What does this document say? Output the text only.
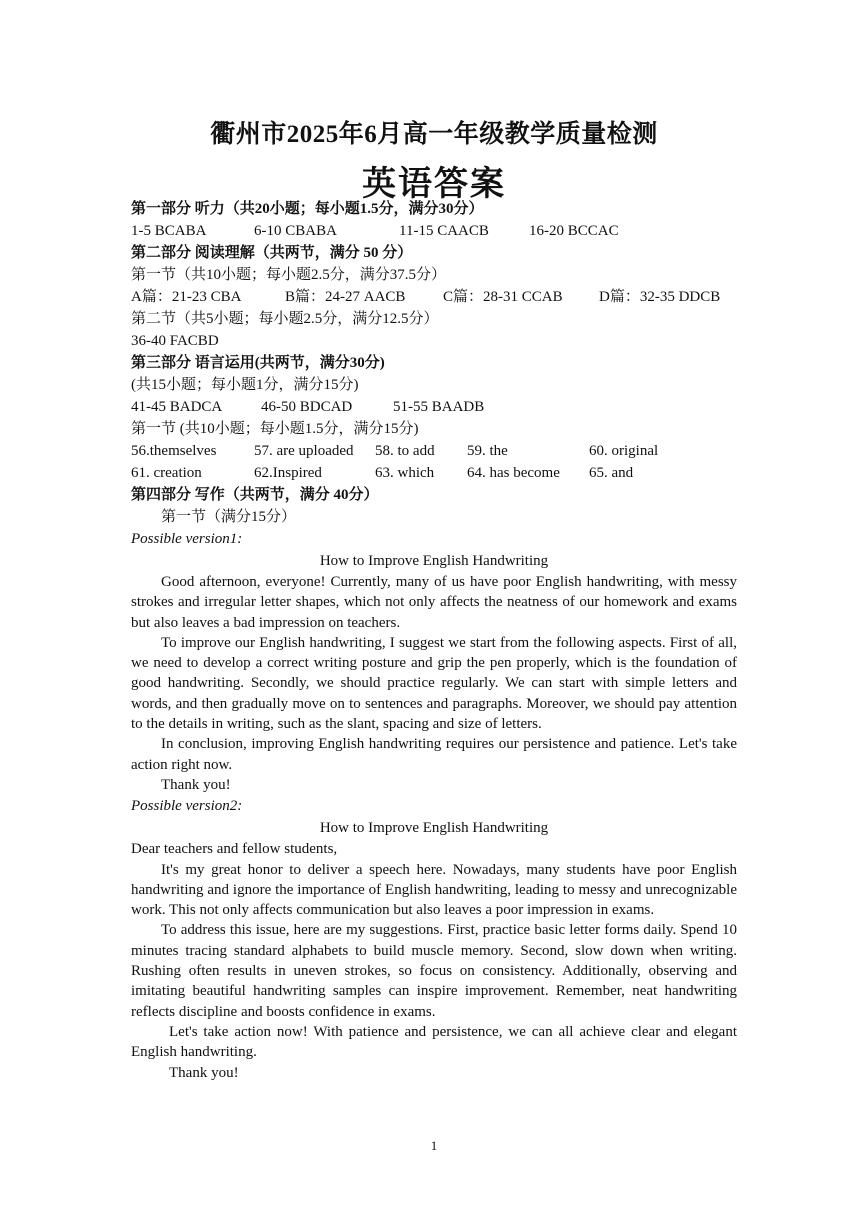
衢州市2025年6月高一年级教学质量检测
英语答案
第一部分 听力（共20小题；每小题1.5分，满分30分）
1-5 BCABA	6-10 CBABA	11-15 CAACB	16-20 BCCAC
第二部分 阅读理解（共两节，满分 50 分）
第一节（共10小题；每小题2.5分，满分37.5分）
A篇：21-23 CBA	B篇：24-27 AACB	C篇：28-31 CCAB D篇：32-35 DDCB
第二节（共5小题；每小题2.5分，满分12.5分）
36-40 FACBD
第三部分 语言运用(共两节，满分30分)
(共15小题；每小题1分，满分15分)
41-45 BADCA	46-50 BDCAD	51-55 BAADB
第一节 (共10小题；每小题1.5分，满分15分)
56.themselves	57. are uploaded 58. to add 59. the	60. original
61. creation	62.Inspired	63. which 64. has become 65. and
第四部分 写作（共两节，满分 40分）
第一节（满分15分）
Possible version1:
How to Improve English Handwriting

Good afternoon, everyone! Currently, many of us have poor English handwriting, with messy strokes and irregular letter shapes, which not only affects the neatness of our homework and exams but also leaves a bad impression on teachers.

To improve our English handwriting, I suggest we start from the following aspects. First of all, we need to develop a correct writing posture and grip the pen properly, which is the foundation of good handwriting. Secondly, we should practice regularly. We can start with simple letters and words, and then gradually move on to sentences and paragraphs. Moreover, we should pay attention to the details in writing, such as the slant, spacing and size of letters.

In conclusion, improving English handwriting requires our persistence and patience. Let's take action right now.

Thank you!

Possible version2:
How to Improve English Handwriting

Dear teachers and fellow students,

It's my great honor to deliver a speech here. Nowadays, many students have poor English handwriting and ignore the importance of English handwriting, leading to messy and unrecognizable work. This not only affects communication but also leaves a poor impression in exams.

To address this issue, here are my suggestions. First, practice basic letter forms daily. Spend 10 minutes tracing standard alphabets to build muscle memory. Second, slow down when writing. Rushing often results in uneven strokes, so focus on consistency. Additionally, observing and imitating beautiful handwriting samples can inspire improvement. Remember, neat handwriting reflects discipline and boosts confidence in exams.

Let's take action now! With patience and persistence, we can all achieve clear and elegant English handwriting.

Thank you!

1
